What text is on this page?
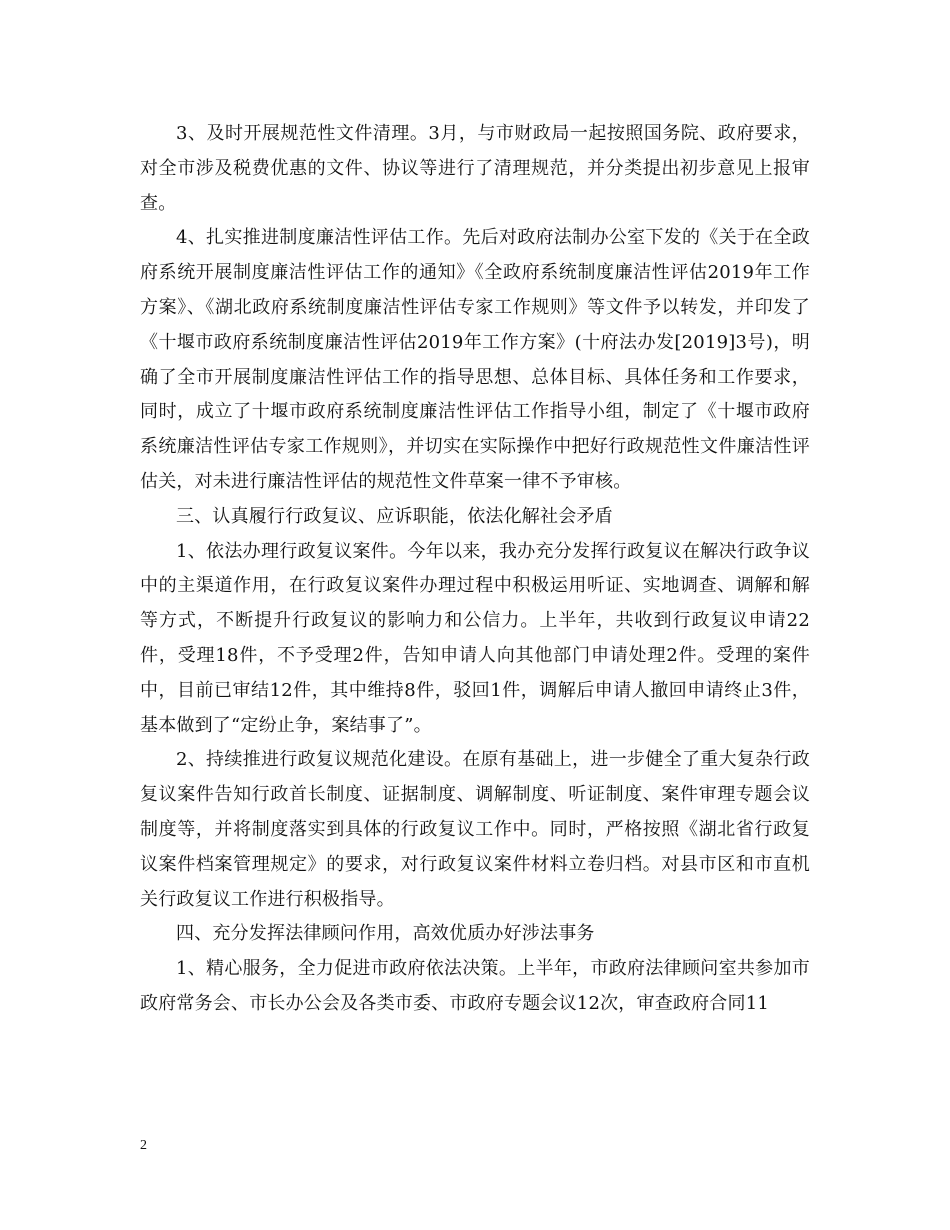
3、及时开展规范性文件清理。3月，与市财政局一起按照国务院、政府要求，对全市涉及税费优惠的文件、协议等进行了清理规范，并分类提出初步意见上报审查。

4、扎实推进制度廉洁性评估工作。先后对政府法制办公室下发的《关于在全政府系统开展制度廉洁性评估工作的通知》《全政府系统制度廉洁性评估2019年工作方案》、《湖北政府系统制度廉洁性评估专家工作规则》等文件予以转发，并印发了《十堰市政府系统制度廉洁性评估2019年工作方案》(十府法办发[2019]3号)，明确了全市开展制度廉洁性评估工作的指导思想、总体目标、具体任务和工作要求，同时，成立了十堰市政府系统制度廉洁性评估工作指导小组，制定了《十堰市政府系统廉洁性评估专家工作规则》，并切实在实际操作中把好行政规范性文件廉洁性评估关，对未进行廉洁性评估的规范性文件草案一律不予审核。

三、认真履行行政复议、应诉职能，依法化解社会矛盾

1、依法办理行政复议案件。今年以来，我办充分发挥行政复议在解决行政争议中的主渠道作用，在行政复议案件办理过程中积极运用听证、实地调查、调解和解等方式，不断提升行政复议的影响力和公信力。上半年，共收到行政复议申请22件，受理18件，不予受理2件，告知申请人向其他部门申请处理2件。受理的案件中，目前已审结12件，其中维持8件，驳回1件，调解后申请人撤回申请终止3件，基本做到了“定纷止争，案结事了”。

2、持续推进行政复议规范化建设。在原有基础上，进一步健全了重大复杂行政复议案件告知行政首长制度、证据制度、调解制度、听证制度、案件审理专题会议制度等，并将制度落实到具体的行政复议工作中。同时，严格按照《湖北省行政复议案件档案管理规定》的要求，对行政复议案件材料立卷归档。对县市区和市直机关行政复议工作进行积极指导。

四、充分发挥法律顾问作用，高效优质办好涉法事务

1、精心服务，全力促进市政府依法决策。上半年，市政府法律顾问室共参加市政府常务会、市长办公会及各类市委、市政府专题会议12次，审查政府合同11

2
